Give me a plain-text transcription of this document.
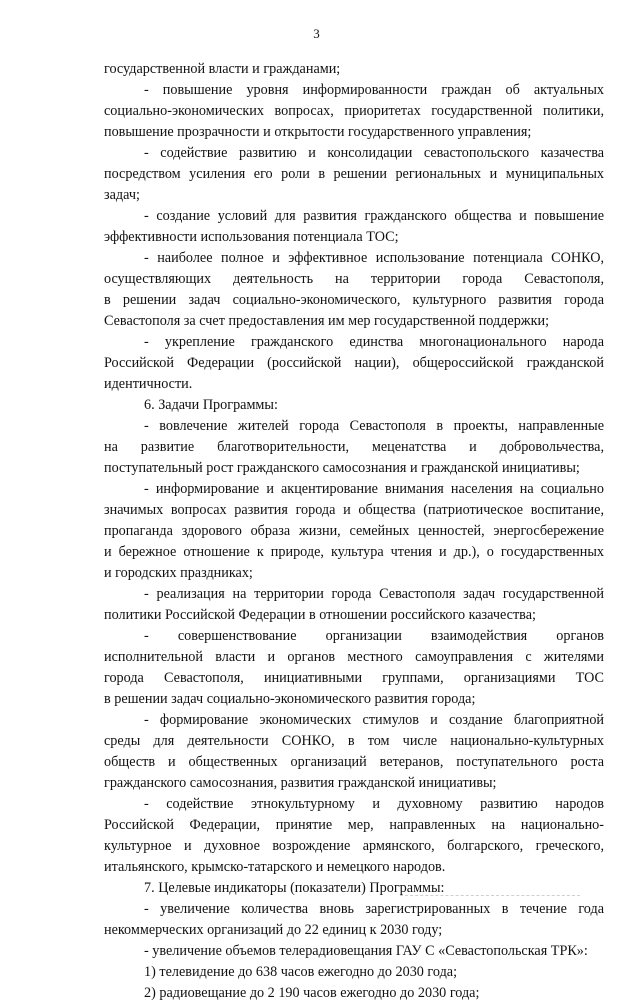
3
государственной власти и гражданами;
- повышение уровня информированности граждан об актуальных
социально-экономических вопросах, приоритетах государственной политики,
повышение прозрачности и открытости государственного управления;
- содействие развитию и консолидации севастопольского казачества
посредством усиления его роли в решении региональных и муниципальных
задач;
- создание условий для развития гражданского общества и повышение
эффективности использования потенциала ТОС;
- наиболее полное и эффективное использование потенциала СОНКО,
осуществляющих деятельность на территории города Севастополя,
в решении задач социально-экономического, культурного развития города
Севастополя за счет предоставления им мер государственной поддержки;
- укрепление гражданского единства многонационального народа
Российской Федерации (российской нации), общероссийской гражданской
идентичности.
6. Задачи Программы:
- вовлечение жителей города Севастополя в проекты, направленные
на развитие благотворительности, меценатства и добровольчества,
поступательный рост гражданского самосознания и гражданской инициативы;
- информирование и акцентирование внимания населения на социально
значимых вопросах развития города и общества (патриотическое воспитание,
пропаганда здорового образа жизни, семейных ценностей, энергосбережение
и бережное отношение к природе, культура чтения и др.), о государственных
и городских праздниках;
- реализация на территории города Севастополя задач государственной
политики Российской Федерации в отношении российского казачества;
- совершенствование организации взаимодействия органов
исполнительной власти и органов местного самоуправления с жителями
города Севастополя, инициативными группами, организациями ТОС
в решении задач социально-экономического развития города;
- формирование экономических стимулов и создание благоприятной
среды для деятельности СОНКО, в том числе национально-культурных
обществ и общественных организаций ветеранов, поступательного роста
гражданского самосознания, развития гражданской инициативы;
- содействие этнокультурному и духовному развитию народов
Российской Федерации, принятие мер, направленных на национально-
культурное и духовное возрождение армянского, болгарского, греческого,
итальянского, крымско-татарского и немецкого народов.
7. Целевые индикаторы (показатели) Программы:
- увеличение количества вновь зарегистрированных в течение года
некоммерческих организаций до 22 единиц к 2030 году;
- увеличение объемов телерадиовещания ГАУ С «Севастопольская ТРК»:
1) телевидение до 638 часов ежегодно до 2030 года;
2) радиовещание до 2 190 часов ежегодно до 2030 года;
